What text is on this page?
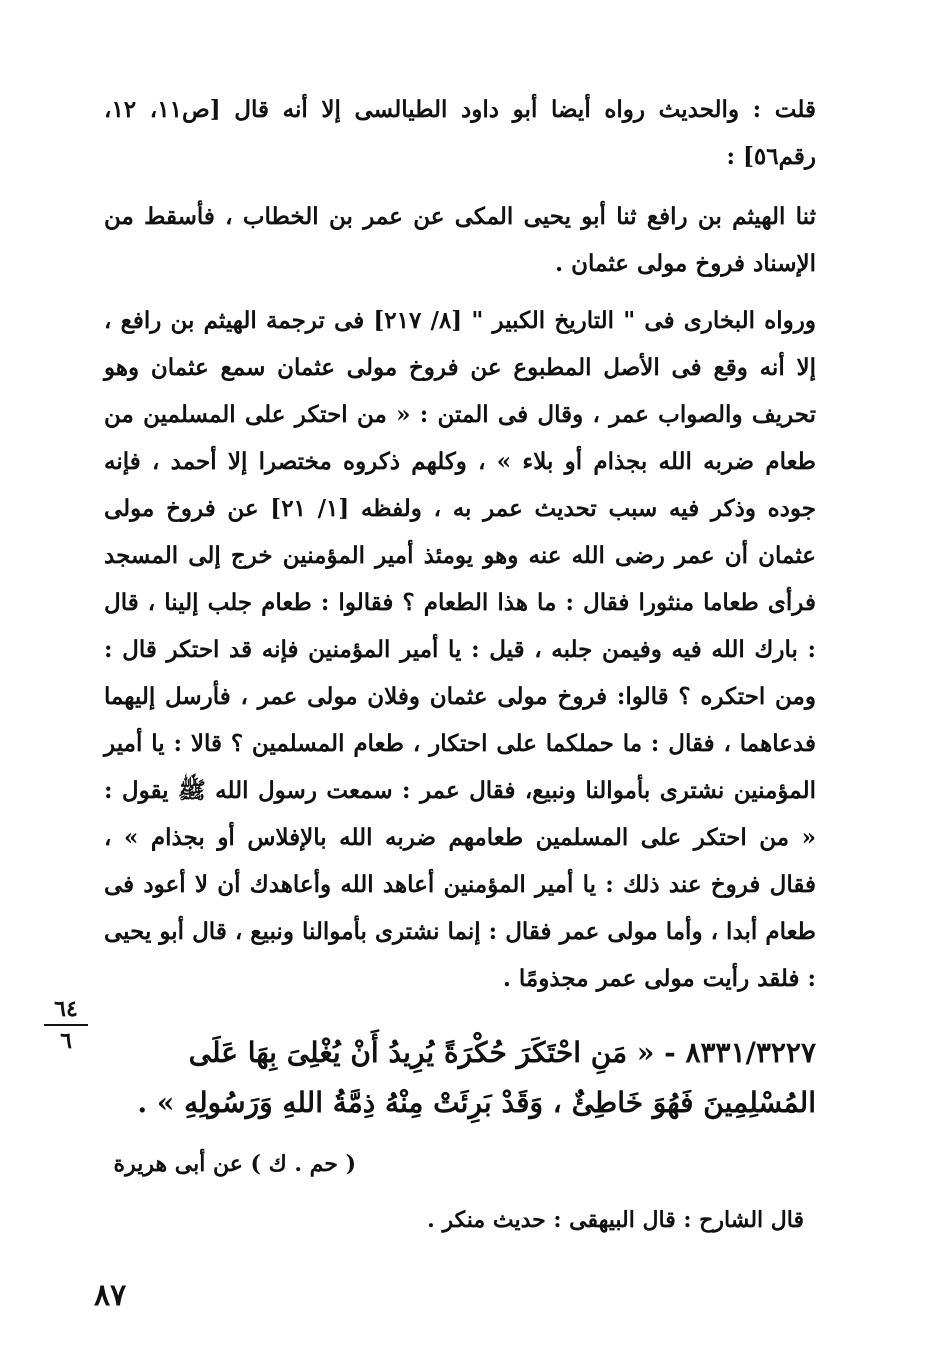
قلت : والحديث رواه أيضا أبو داود الطيالسى إلا أنه قال [ص١١، ١٢، رقم٥٦] :

ثنا الهيثم بن رافع ثنا أبو يحيى المكى عن عمر بن الخطاب ، فأسقط من الإسناد فروخ مولى عثمان .

ورواه البخارى فى " التاريخ الكبير " [٨/ ٢١٧] فى ترجمة الهيثم بن رافع ، إلا أنه وقع فى الأصل المطبوع عن فروخ مولى عثمان سمع عثمان وهو تحريف والصواب عمر ، وقال فى المتن : « من احتكر على المسلمين من طعام ضربه الله بجذام أو بلاء » ، وكلهم ذكروه مختصرا إلا أحمد ، فإنه جوده وذكر فيه سبب تحديث عمر به ، ولفظه [١/ ٢١] عن فروخ مولى عثمان أن عمر رضى الله عنه وهو يومئذ أمير المؤمنين خرج إلى المسجد فرأى طعاما منثورا فقال : ما هذا الطعام ؟ فقالوا : طعام جلب إلينا ، قال : بارك الله فيه وفيمن جلبه ، قيل : يا أمير المؤمنين فإنه قد احتكر قال : ومن احتكره ؟ قالوا: فروخ مولى عثمان وفلان مولى عمر ، فأرسل إليهما فدعاهما ، فقال : ما حملكما على احتكار ، طعام المسلمين ؟ قالا : يا أمير المؤمنين نشترى بأموالنا ونبيع، فقال عمر : سمعت رسول الله ﷺ يقول : « من احتكر على المسلمين طعامهم ضربه الله بالإفلاس أو بجذام » ، فقال فروخ عند ذلك : يا أمير المؤمنين أعاهد الله وأعاهدك أن لا أعود فى طعام أبدا ، وأما مولى عمر فقال : إنما نشترى بأموالنا ونبيع ، قال أبو يحيى : فلقد رأيت مولى عمر مجذومًا .

٦٤
٦	٨٣٣١/٣٢٢٧ - « مَنِ احْتَكَرَ حُكْرَةً يُرِيدُ أَنْ يُغْلِىَ بِهَا عَلَى المُسْلِمِينَ فَهُوَ خَاطِئٌ ، وَقَدْ بَرِئَتْ مِنْهُ ذِمَّةُ اللهِ وَرَسُولِهِ » .

( حم . ك ) عن أبى هريرة

قال الشارح : قال البيهقى : حديث منكر .

٨٧
